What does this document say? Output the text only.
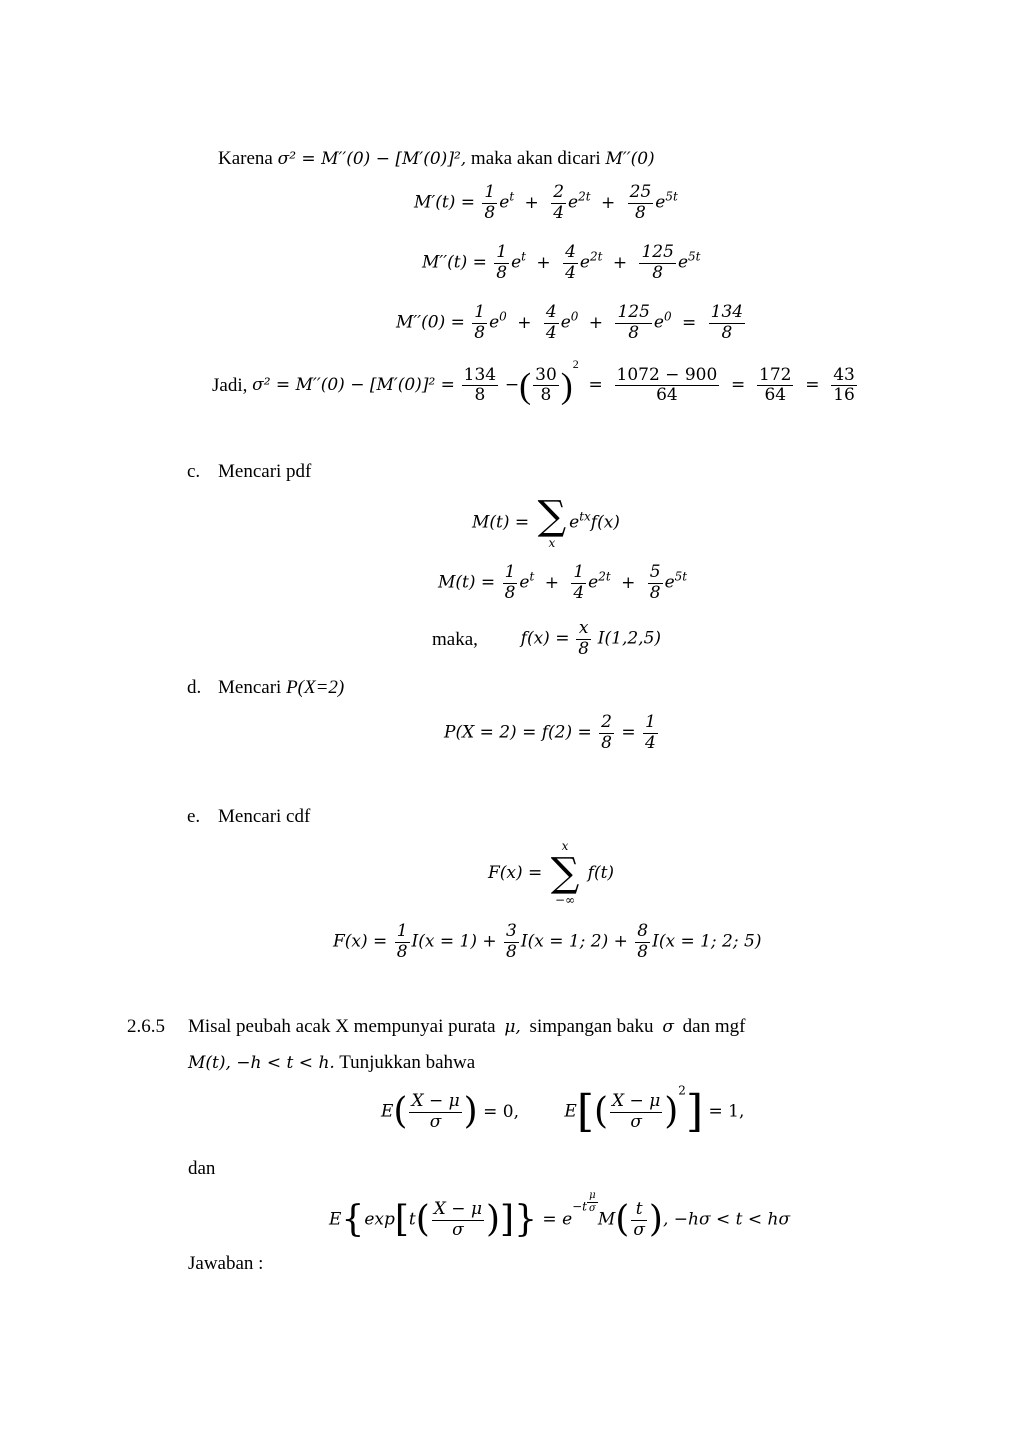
Karena σ² = M′′(0) − [M′(0)]², maka akan dicari M′′(0)
$M'(t) = \frac{1}{8} e^t + \frac{2}{4} e^{2t} + \frac{25}{8} e^{5t}$
$M''(t) = \frac{1}{8} e^t + \frac{4}{4} e^{2t} + \frac{125}{8} e^{5t}$
$M''(0) = \frac{1}{8} e^0 + \frac{4}{4} e^0 + \frac{125}{8} e^0 = \frac{134}{8}$
Jadi, $\sigma^2 = M''(0) - [M'(0)]^2 = \frac{134}{8}$ −( $\frac{30}{8} )^2 = \frac{1072 - 900}{64} = \frac{172}{64} = \frac{43}{16}$
c. Mencari pdf
M(t) = ∑
x
$e^{tx}f(x)$
$M(t) = \frac{1}{8} e^t + \frac{1}{4} e^{2t} + \frac{5}{8} e^{5t}$
maka,	$f(x) = \frac{x}{8} I(1,2,5)$
d. Mencari P(X=2)
$P(X = 2) = f(2) = \frac{2}{8} = \frac{1}{4}$
e. Mencari cdf
F(x) =
x
∑
−∞
f(t)
$F(x) = \frac{1}{8} I(x = 1) + \frac{3}{8} I(x = 1$; $2) + \frac{8}{8} I(x = 1$; 2; 5)
2.6.5 Misal peubah acak X mempunyai purata μ, simpangan baku σ dan mgf
M(t), −h < t < h. Tunjukkan bahwa
$E( \frac{X - \mu}{\sigma}$ ) = 0,	$E[( \frac{X - \mu}{\sigma} )^2] = 1$,
dan
$E\{\exp[t( \frac{X - \mu}{\sigma}$ )]} = $e^{-t} \frac{\mu}{\sigma}$
$M( \frac{t}{\sigma}$ ), −hσ < t < hσ
Jawaban :
